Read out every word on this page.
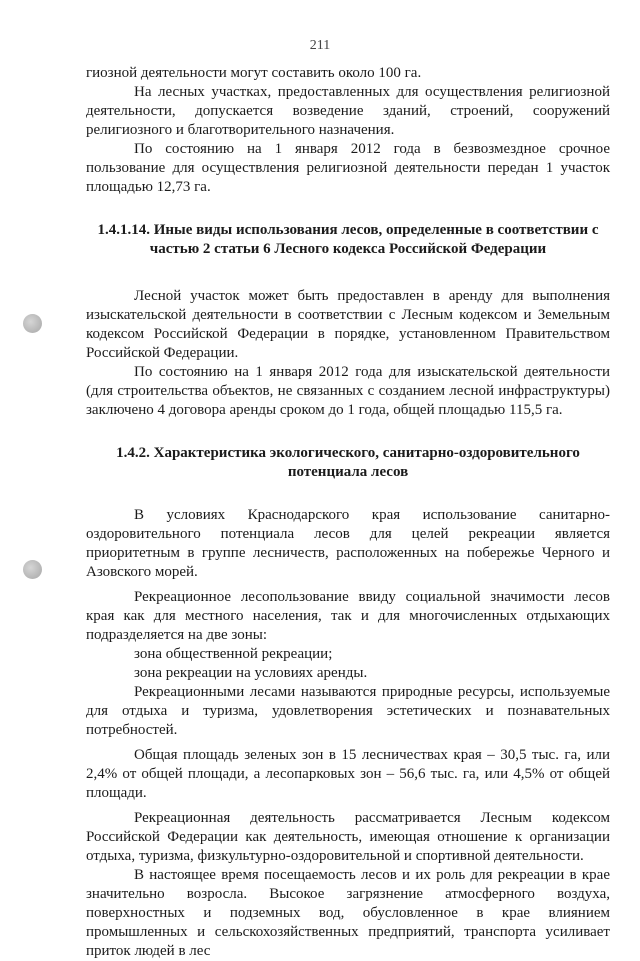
211

гиозной деятельности могут составить около 100 га.

На лесных участках, предоставленных для осуществления религиозной деятельности, допускается возведение зданий, строений, сооружений религиозного и благотворительного назначения.

По состоянию на 1 января 2012 года в безвозмездное срочное пользование для осуществления религиозной деятельности передан 1 участок площадью 12,73 га.

1.4.1.14. Иные виды использования лесов, определенные в соответствии с частью 2 статьи 6 Лесного кодекса Российской Федерации

Лесной участок может быть предоставлен в аренду для выполнения изыскательской деятельности в соответствии с Лесным кодексом и Земельным кодексом Российской Федерации в порядке, установленном Правительством Российской Федерации.

По состоянию на 1 января 2012 года для изыскательской деятельности (для строительства объектов, не связанных с созданием лесной инфраструктуры) заключено 4 договора аренды сроком до 1 года, общей площадью 115,5 га.

1.4.2. Характеристика экологического, санитарно-оздоровительного потенциала лесов

В условиях Краснодарского края использование санитарно-оздоровительного потенциала лесов для целей рекреации является приоритетным в группе лесничеств, расположенных на побережье Черного и Азовского морей.

Рекреационное лесопользование ввиду социальной значимости лесов края как для местного населения, так и для многочисленных отдыхающих подразделяется на две зоны:

зона общественной рекреации;

зона рекреации на условиях аренды.

Рекреационными лесами называются природные ресурсы, используемые для отдыха и туризма, удовлетворения эстетических и познавательных потребностей.

Общая площадь зеленых зон в 15 лесничествах края – 30,5 тыс. га, или 2,4% от общей площади, а лесопарковых зон – 56,6 тыс. га, или 4,5% от общей площади.

Рекреационная деятельность рассматривается Лесным кодексом Российской Федерации как деятельность, имеющая отношение к организации отдыха, туризма, физкультурно-оздоровительной и спортивной деятельности.

В настоящее время посещаемость лесов и их роль для рекреации в крае значительно возросла. Высокое загрязнение атмосферного воздуха, поверхностных и подземных вод, обусловленное в крае влиянием промышленных и сельскохозяйственных предприятий, транспорта усиливает приток людей в лес
